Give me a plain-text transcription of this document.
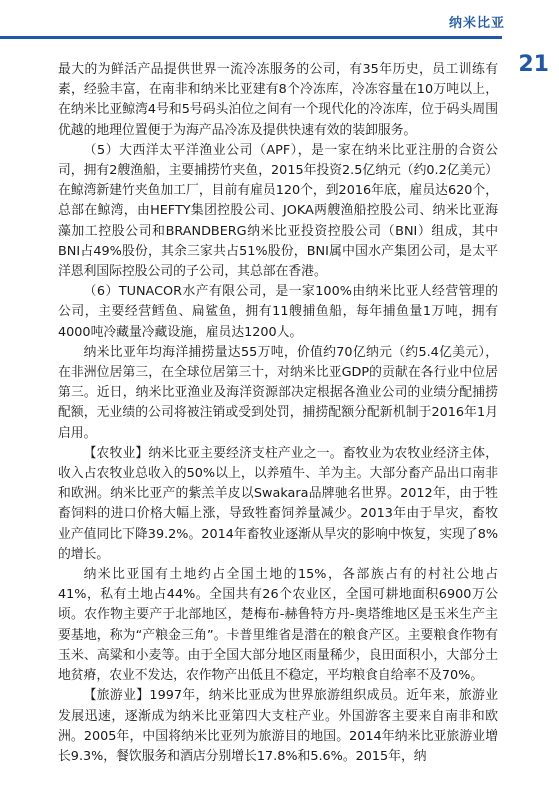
纳米比亚
21

最大的为鲜活产品提供世界一流冷冻服务的公司，有35年历史，员工训练有素，经验丰富，在南非和纳米比亚建有8个冷冻库，冷冻容量在10万吨以上，在纳米比亚鲸湾4号和5号码头泊位之间有一个现代化的冷冻库，位于码头周围优越的地理位置便于为海产品冷冻及提供快速有效的装卸服务。

（5）大西洋太平洋渔业公司（APF），是一家在纳米比亚注册的合资公司，拥有2艘渔船，主要捕捞竹夹鱼，2015年投资2.5亿纳元（约0.2亿美元）在鲸湾新建竹夹鱼加工厂，目前有雇员120个，到2016年底，雇员达620个，总部在鲸湾，由HEFTY集团控股公司、JOKA两艘渔船控股公司、纳米比亚海藻加工控股公司和BRANDBERG纳米比亚投资控股公司（BNI）组成，其中BNI占49%股份，其余三家共占51%股份，BNI属中国水产集团公司，是太平洋恩利国际控股公司的子公司，其总部在香港。

（6）TUNACOR水产有限公司，是一家100%由纳米比亚人经营管理的公司，主要经营鳕鱼、扁鲨鱼，拥有11艘捕鱼船，每年捕鱼量1万吨，拥有4000吨冷藏量冷藏设施，雇员达1200人。

纳米比亚年均海洋捕捞量达55万吨，价值约70亿纳元（约5.4亿美元），在非洲位居第三，在全球位居第三十，对纳米比亚GDP的贡献在各行业中位居第三。近日，纳米比亚渔业及海洋资源部决定根据各渔业公司的业绩分配捕捞配额，无业绩的公司将被注销或受到处罚，捕捞配额分配新机制于2016年1月启用。

【农牧业】纳米比亚主要经济支柱产业之一。畜牧业为农牧业经济主体，收入占农牧业总收入的50%以上，以养殖牛、羊为主。大部分畜产品出口南非和欧洲。纳米比亚产的紫羔羊皮以Swakara品牌驰名世界。2012年，由于牲畜饲料的进口价格大幅上涨，导致牲畜饲养量减少。2013年由于旱灾，畜牧业产值同比下降39.2%。2014年畜牧业逐渐从旱灾的影响中恢复，实现了8%的增长。

纳米比亚国有土地约占全国土地的15%，各部族占有的村社公地占41%，私有土地占44%。全国共有26个农业区，全国可耕地面积6900万公顷。农作物主要产于北部地区，楚梅布-赫鲁特方丹-奥塔维地区是玉米生产主要基地，称为“产粮金三角”。卡普里维省是潜在的粮食产区。主要粮食作物有玉米、高粱和小麦等。由于全国大部分地区雨量稀少，良田面积小，大部分土地贫瘠，农业不发达，农作物产出低且不稳定，平均粮食自给率不及70%。

【旅游业】1997年，纳米比亚成为世界旅游组织成员。近年来，旅游业发展迅速，逐渐成为纳米比亚第四大支柱产业。外国游客主要来自南非和欧洲。2005年，中国将纳米比亚列为旅游目的地国。2014年纳米比亚旅游业增长9.3%，餐饮服务和酒店分别增长17.8%和5.6%。2015年，纳
